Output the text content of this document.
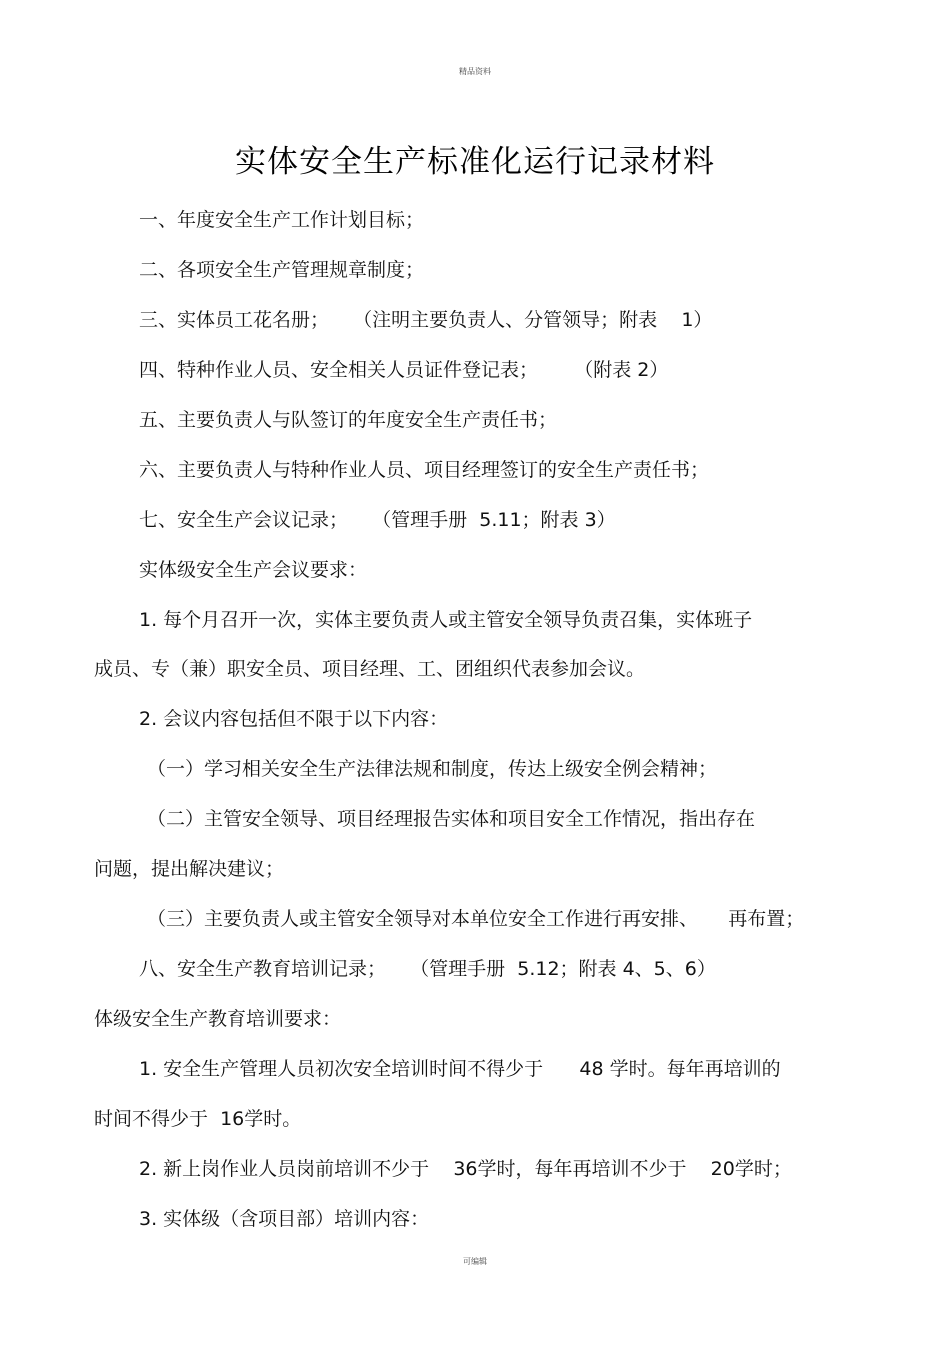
精品资料
实体安全生产标准化运行记录材料
一、年度安全生产工作计划目标；
二、各项安全生产管理规章制度；
三、实体员工花名册；    （注明主要负责人、分管领导；附表    1）
四、特种作业人员、安全相关人员证件登记表；      （附表 2）
五、主要负责人与队签订的年度安全生产责任书；
六、主要负责人与特种作业人员、项目经理签订的安全生产责任书；
七、安全生产会议记录；    （管理手册  5.11；附表 3）
实体级安全生产会议要求：
1. 每个月召开一次，实体主要负责人或主管安全领导负责召集，实体班子
成员、专（兼）职安全员、项目经理、工、团组织代表参加会议。
2. 会议内容包括但不限于以下内容：
（一）学习相关安全生产法律法规和制度，传达上级安全例会精神；
（二）主管安全领导、项目经理报告实体和项目安全工作情况，指出存在
问题，提出解决建议；
（三）主要负责人或主管安全领导对本单位安全工作进行再安排、     再布置；
八、安全生产教育培训记录；    （管理手册  5.12；附表 4、5、6）
体级安全生产教育培训要求：
1. 安全生产管理人员初次安全培训时间不得少于      48 学时。每年再培训的
时间不得少于  16学时。
2. 新上岗作业人员岗前培训不少于    36学时，每年再培训不少于    20学时；
3. 实体级（含项目部）培训内容：
可编辑
